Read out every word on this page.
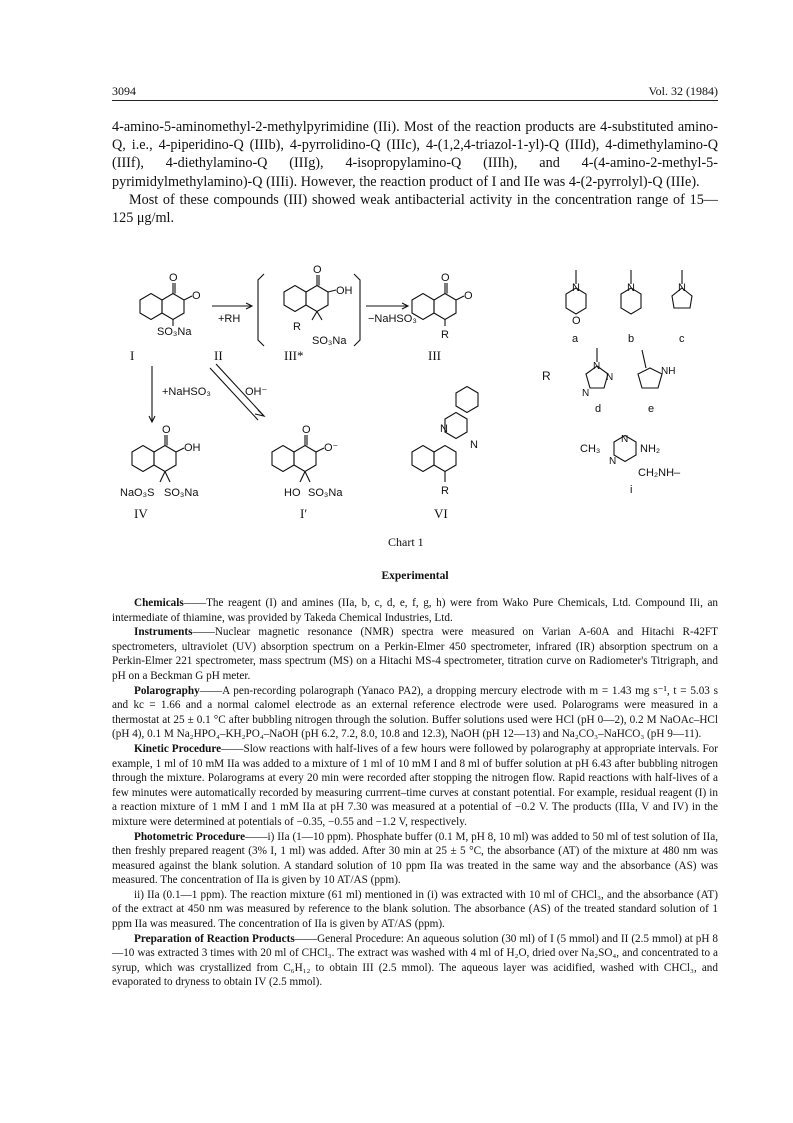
3094	Vol. 32 (1984)

4-amino-5-aminomethyl-2-methylpyrimidine (IIi). Most of the reaction products are 4-substituted amino-Q, i.e., 4-piperidino-Q (IIIb), 4-pyrrolidino-Q (IIIc), 4-(1,2,4-triazol-1-yl)-Q (IIId), 4-dimethylamino-Q (IIIf), 4-diethylamino-Q (IIIg), 4-isopropylamino-Q (IIIh), and 4-(4-amino-2-methyl-5-pyrimidylmethylamino)-Q (IIIi). However, the reaction product of I and IIe was 4-(2-pyrrolyl)-Q (IIIe).

Most of these compounds (III) showed weak antibacterial activity in the concentration range of 15—125 μg/ml.

O
O
SO₃Na
+RH
O
OH
R
SO₃Na
−NaHSO₃
O
O
R
I	II	III*	III
N
O
N	N
a	b	c
R
N
N
N
d
NH
e
+NaHSO₃	OH⁻
O
OH
NaO₃S SO₃Na
IV
O
O⁻
HO SO₃Na
I′
N
N
R
VI
CH₃
N
NH₂
N
CH₂NH–
i
Chart 1
Experimental

Chemicals——The reagent (I) and amines (IIa, b, c, d, e, f, g, h) were from Wako Pure Chemicals, Ltd. Compound IIi, an intermediate of thiamine, was provided by Takeda Chemical Industries, Ltd.

Instruments——Nuclear magnetic resonance (NMR) spectra were measured on Varian A-60A and Hitachi R-42FT spectrometers, ultraviolet (UV) absorption spectrum on a Perkin-Elmer 450 spectrometer, infrared (IR) absorption spectrum on a Perkin-Elmer 221 spectrometer, mass spectrum (MS) on a Hitachi MS-4 spectrometer, titration curve on Radiometer's Titrigraph, and pH on a Beckman G pH meter.

Polarography——A pen-recording polarograph (Yanaco PA2), a dropping mercury electrode with m = 1.43 mg s⁻¹, t = 5.03 s and kc = 1.66 and a normal calomel electrode as an external reference electrode were used. Polarograms were measured in a thermostat at 25 ± 0.1 °C after bubbling nitrogen through the solution. Buffer solutions used were HCl (pH 0—2), 0.2 M NaOAc–HCl (pH 4), 0.1 M Na₂HPO₄–KH₂PO₄–NaOH (pH 6.2, 7.2, 8.0, 10.8 and 12.3), NaOH (pH 12—13) and Na₂CO₃–NaHCO₃ (pH 9—11).

Kinetic Procedure——Slow reactions with half-lives of a few hours were followed by polarography at appropriate intervals. For example, 1 ml of 10 mM IIa was added to a mixture of 1 ml of 10 mM I and 8 ml of buffer solution at pH 6.43 after bubbling nitrogen through the mixture. Polarograms at every 20 min were recorded after stopping the nitrogen flow. Rapid reactions with half-lives of a few minutes were automatically recorded by measuring currrent–time curves at constant potential. For example, residual reagent (I) in a reaction mixture of 1 mM I and 1 mM IIa at pH 7.30 was measured at a potential of −0.2 V. The products (IIIa, V and IV) in the mixture were determined at potentials of −0.35, −0.55 and −1.2 V, respectively.

Photometric Procedure——i) IIa (1—10 ppm). Phosphate buffer (0.1 M, pH 8, 10 ml) was added to 50 ml of test solution of IIa, then freshly prepared reagent (3% I, 1 ml) was added. After 30 min at 25 ± 5 °C, the absorbance (AT) of the mixture at 480 nm was measured against the blank solution. A standard solution of 10 ppm IIa was treated in the same way and the absorbance (AS) was measured. The concentration of IIa is given by 10 AT/AS (ppm).

ii) IIa (0.1—1 ppm). The reaction mixture (61 ml) mentioned in (i) was extracted with 10 ml of CHCl₃, and the absorbance (AT) of the extract at 450 nm was measured by reference to the blank solution. The absorbance (AS) of the treated standard solution of 1 ppm IIa was measured. The concentration of IIa is given by AT/AS (ppm).

Preparation of Reaction Products——General Procedure: An aqueous solution (30 ml) of I (5 mmol) and II (2.5 mmol) at pH 8—10 was extracted 3 times with 20 ml of CHCl₃. The extract was washed with 4 ml of H₂O, dried over Na₂SO₄, and concentrated to a syrup, which was crystallized from C₆H₁₂ to obtain III (2.5 mmol). The aqueous layer was acidified, washed with CHCl₃, and evaporated to dryness to obtain IV (2.5 mmol).
